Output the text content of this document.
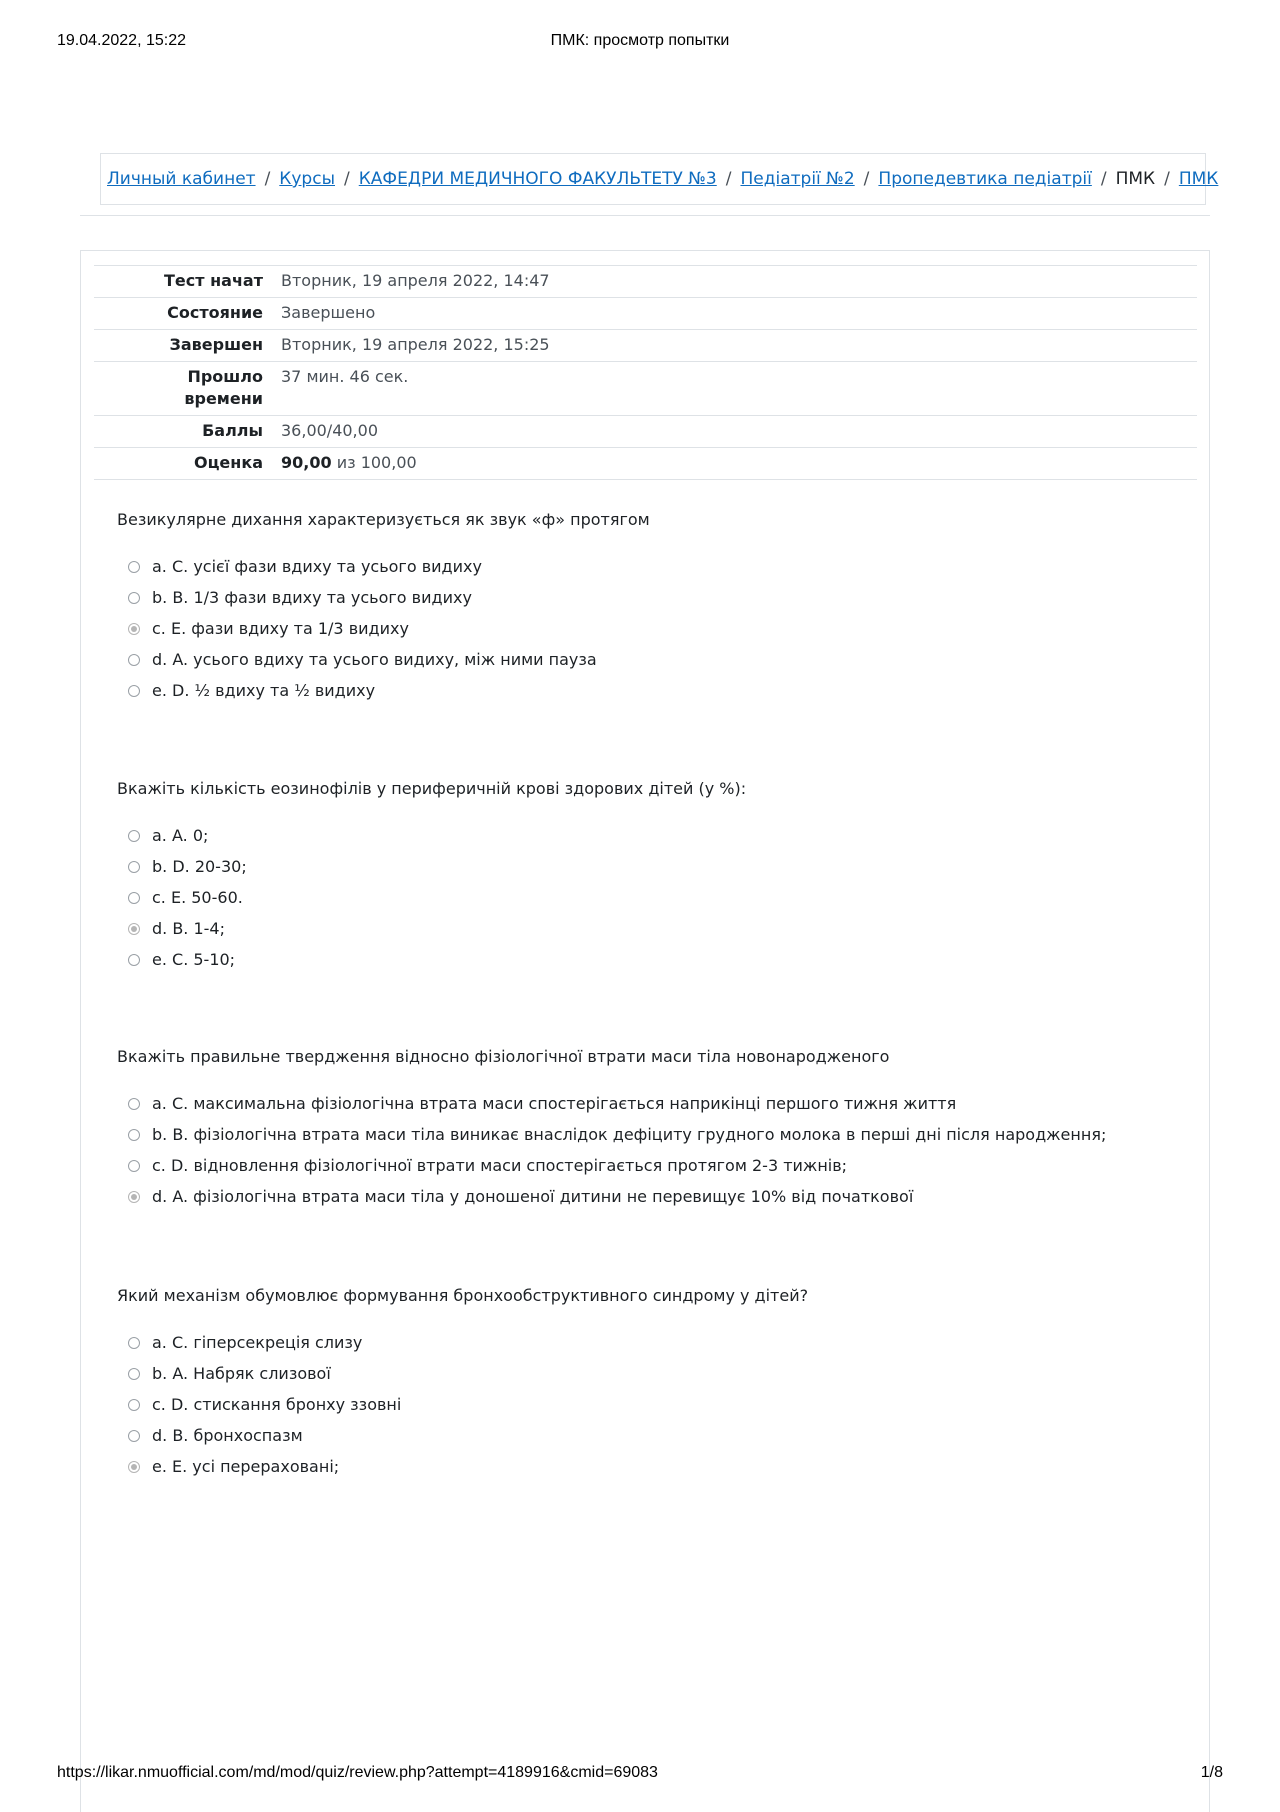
19.04.2022, 15:22	ПМК: просмотр попытки
Личный кабинет / Курсы / КАФЕДРИ МЕДИЧНОГО ФАКУЛЬТЕТУ №3 / Педіатрії №2 / Пропедевтика педіатрії / ПМК / ПМК
Тест начат	Вторник, 19 апреля 2022, 14:47
Состояние	Завершено
Завершен	Вторник, 19 апреля 2022, 15:25
Прошло
времени	37 мин. 46 сек.
Баллы	36,00/40,00
Оценка	90,00 из 100,00
Везикулярне дихання характеризується як звук «ф» протягом
a. C. усієї фази вдиху та усього видиху
b. B. 1/3 фази вдиху та усього видиху
c. E. фази вдиху та 1/3 видиху
d. A. усього вдиху та усього видиху, між ними пауза
e. D. ½ вдиху та ½ видиху
Вкажіть кількість еозинофілів у периферичній крові здорових дітей (у %):
a. A. 0;
b. D. 20-30;
c. E. 50-60.
d. B. 1-4;
e. C. 5-10;
Вкажіть правильне твердження відносно фізіологічної втрати маси тіла новонародженого
a. C. максимальна фізіологічна втрата маси спостерігається наприкінці першого тижня життя
b. B. фізіологічна втрата маси тіла виникає внаслідок дефіциту грудного молока в перші дні після народження;
c. D. відновлення фізіологічної втрати маси спостерігається протягом 2-3 тижнів;
d. A. фізіологічна втрата маси тіла у доношеної дитини не перевищує 10% від початкової
Який механізм обумовлює формування бронхообструктивного синдрому у дітей?
a. C. гіперсекреція слизу
b. A. Набряк слизової
c. D. стискання бронху ззовні
d. B. бронхоспазм
e. E. усі перераховані;
https://likar.nmuofficial.com/md/mod/quiz/review.php?attempt=4189916&cmid=69083	1/8
